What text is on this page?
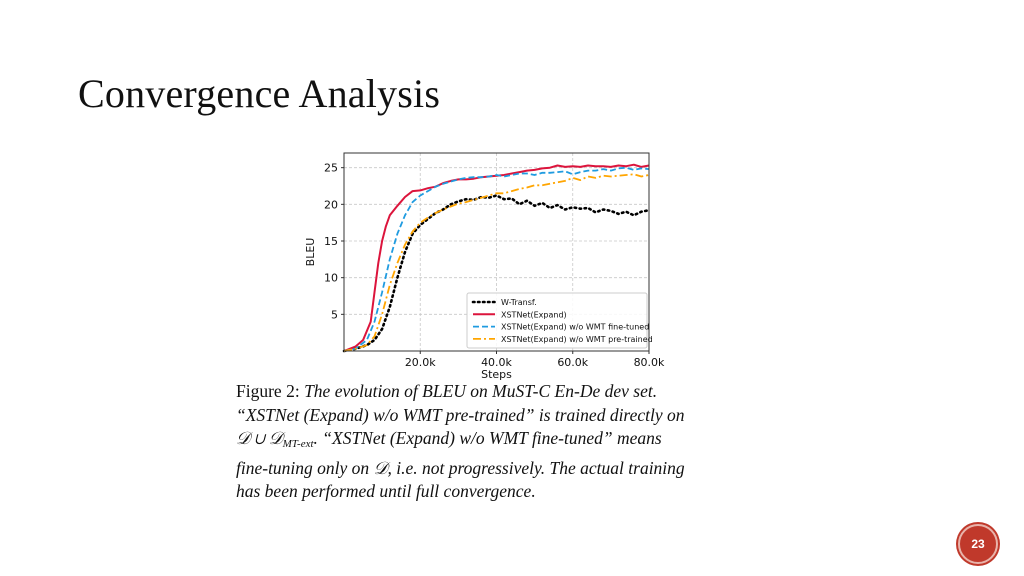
Convergence Analysis
5
10
15
20
25
20.0k	40.0k	60.0k	80.0k
Steps
BLEU
W-Transf.
XSTNet(Expand)
XSTNet(Expand) w/o WMT fine-tuned
XSTNet(Expand) w/o WMT pre-trained
Figure 2: The evolution of BLEU on MuST-C En-De dev set.
“XSTNet (Expand) w/o WMT pre-trained” is trained directly on
𝒟 ∪ 𝒟$_{MT-ext}$. “XSTNet (Expand) w/o WMT fine-tuned” means
fine-tuning only on 𝒟, i.e. not progressively. The actual training
has been performed until full convergence.
23
